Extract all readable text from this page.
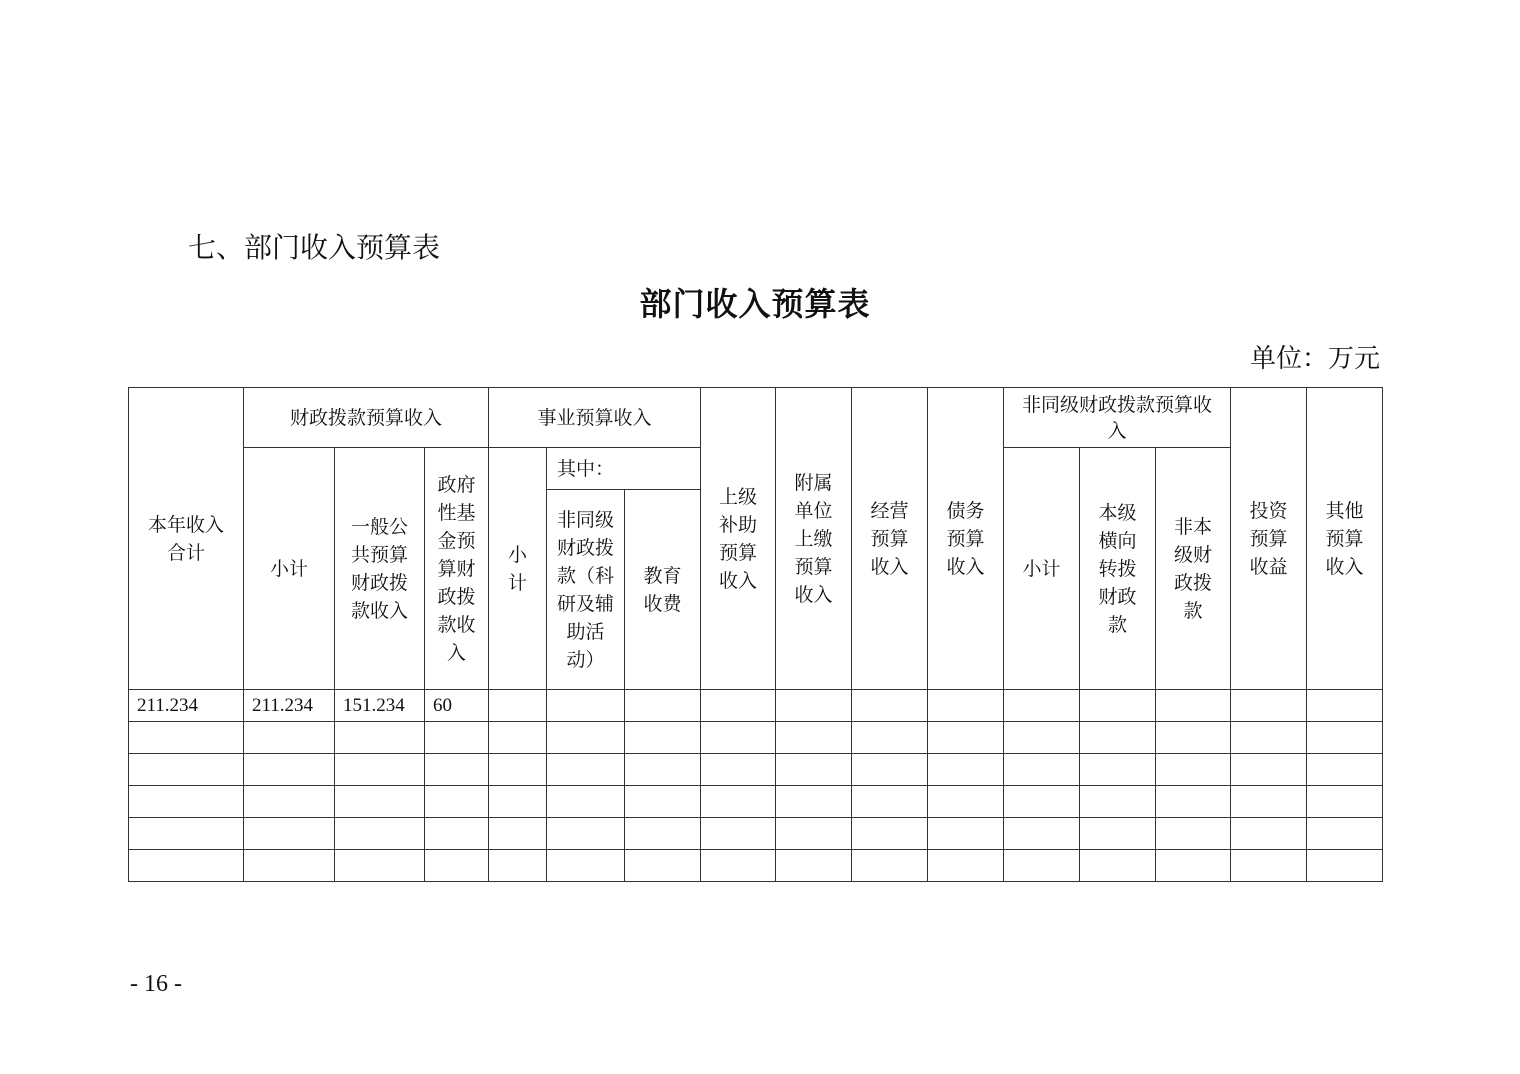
七、部门收入预算表
部门收入预算表
单位：万元
本年收入合计	财政拨款预算收入			事业预算收入			上级补助预算收入	附属单位上缴预算收入	经营预算收入	债务预算收入	非同级财政拨款预算收入			投资预算收益	其他预算收入
	小计	一般公共预算财政拨款收入	政府性基金预算财政拨款收入	小计	其中：						小计	本级横向转拨财政款	非本级财政拨款		
					非同级财政拨款（科研及辅助活动）	教育收费									
211.234	211.234	151.234	60												

- 16 -
